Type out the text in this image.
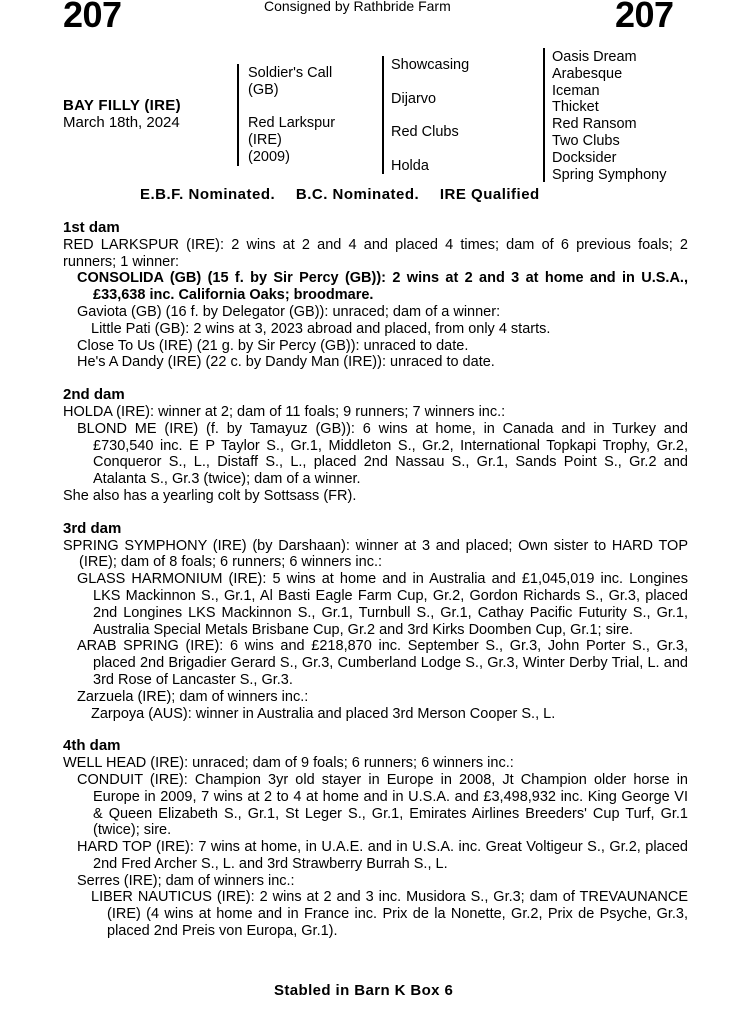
207	Consigned by Rathbride Farm	207
BAY FILLY (IRE)
March 18th, 2024
Soldier's Call
(GB)
Red Larkspur
(IRE)
(2009)
Showcasing
Dijarvo
Red Clubs
Holda
Oasis Dream
Arabesque
Iceman
Thicket
Red Ransom
Two Clubs
Docksider
Spring Symphony
E.B.F. Nominated. B.C. Nominated. IRE Qualified
1st dam
RED LARKSPUR (IRE): 2 wins at 2 and 4 and placed 4 times; dam of 6 previous foals; 2 runners; 1 winner:
CONSOLIDA (GB) (15 f. by Sir Percy (GB)): 2 wins at 2 and 3 at home and in U.S.A., £33,638 inc. California Oaks; broodmare.
Gaviota (GB) (16 f. by Delegator (GB)): unraced; dam of a winner:
Little Pati (GB): 2 wins at 3, 2023 abroad and placed, from only 4 starts.
Close To Us (IRE) (21 g. by Sir Percy (GB)): unraced to date.
He's A Dandy (IRE) (22 c. by Dandy Man (IRE)): unraced to date.
2nd dam
HOLDA (IRE): winner at 2; dam of 11 foals; 9 runners; 7 winners inc.:
BLOND ME (IRE) (f. by Tamayuz (GB)): 6 wins at home, in Canada and in Turkey and £730,540 inc. E P Taylor S., Gr.1, Middleton S., Gr.2, International Topkapi Trophy, Gr.2, Conqueror S., L., Distaff S., L., placed 2nd Nassau S., Gr.1, Sands Point S., Gr.2 and Atalanta S., Gr.3 (twice); dam of a winner.
She also has a yearling colt by Sottsass (FR).
3rd dam
SPRING SYMPHONY (IRE) (by Darshaan): winner at 3 and placed; Own sister to HARD TOP (IRE); dam of 8 foals; 6 runners; 6 winners inc.:
GLASS HARMONIUM (IRE): 5 wins at home and in Australia and £1,045,019 inc. Longines LKS Mackinnon S., Gr.1, Al Basti Eagle Farm Cup, Gr.2, Gordon Richards S., Gr.3, placed 2nd Longines LKS Mackinnon S., Gr.1, Turnbull S., Gr.1, Cathay Pacific Futurity S., Gr.1, Australia Special Metals Brisbane Cup, Gr.2 and 3rd Kirks Doomben Cup, Gr.1; sire.
ARAB SPRING (IRE): 6 wins and £218,870 inc. September S., Gr.3, John Porter S., Gr.3, placed 2nd Brigadier Gerard S., Gr.3, Cumberland Lodge S., Gr.3, Winter Derby Trial, L. and 3rd Rose of Lancaster S., Gr.3.
Zarzuela (IRE); dam of winners inc.:
Zarpoya (AUS): winner in Australia and placed 3rd Merson Cooper S., L.
4th dam
WELL HEAD (IRE): unraced; dam of 9 foals; 6 runners; 6 winners inc.:
CONDUIT (IRE): Champion 3yr old stayer in Europe in 2008, Jt Champion older horse in Europe in 2009, 7 wins at 2 to 4 at home and in U.S.A. and £3,498,932 inc. King George VI & Queen Elizabeth S., Gr.1, St Leger S., Gr.1, Emirates Airlines Breeders' Cup Turf, Gr.1 (twice); sire.
HARD TOP (IRE): 7 wins at home, in U.A.E. and in U.S.A. inc. Great Voltigeur S., Gr.2, placed 2nd Fred Archer S., L. and 3rd Strawberry Burrah S., L.
Serres (IRE); dam of winners inc.:
LIBER NAUTICUS (IRE): 2 wins at 2 and 3 inc. Musidora S., Gr.3; dam of TREVAUNANCE (IRE) (4 wins at home and in France inc. Prix de la Nonette, Gr.2, Prix de Psyche, Gr.3, placed 2nd Preis von Europa, Gr.1).
Stabled in Barn K Box 6
